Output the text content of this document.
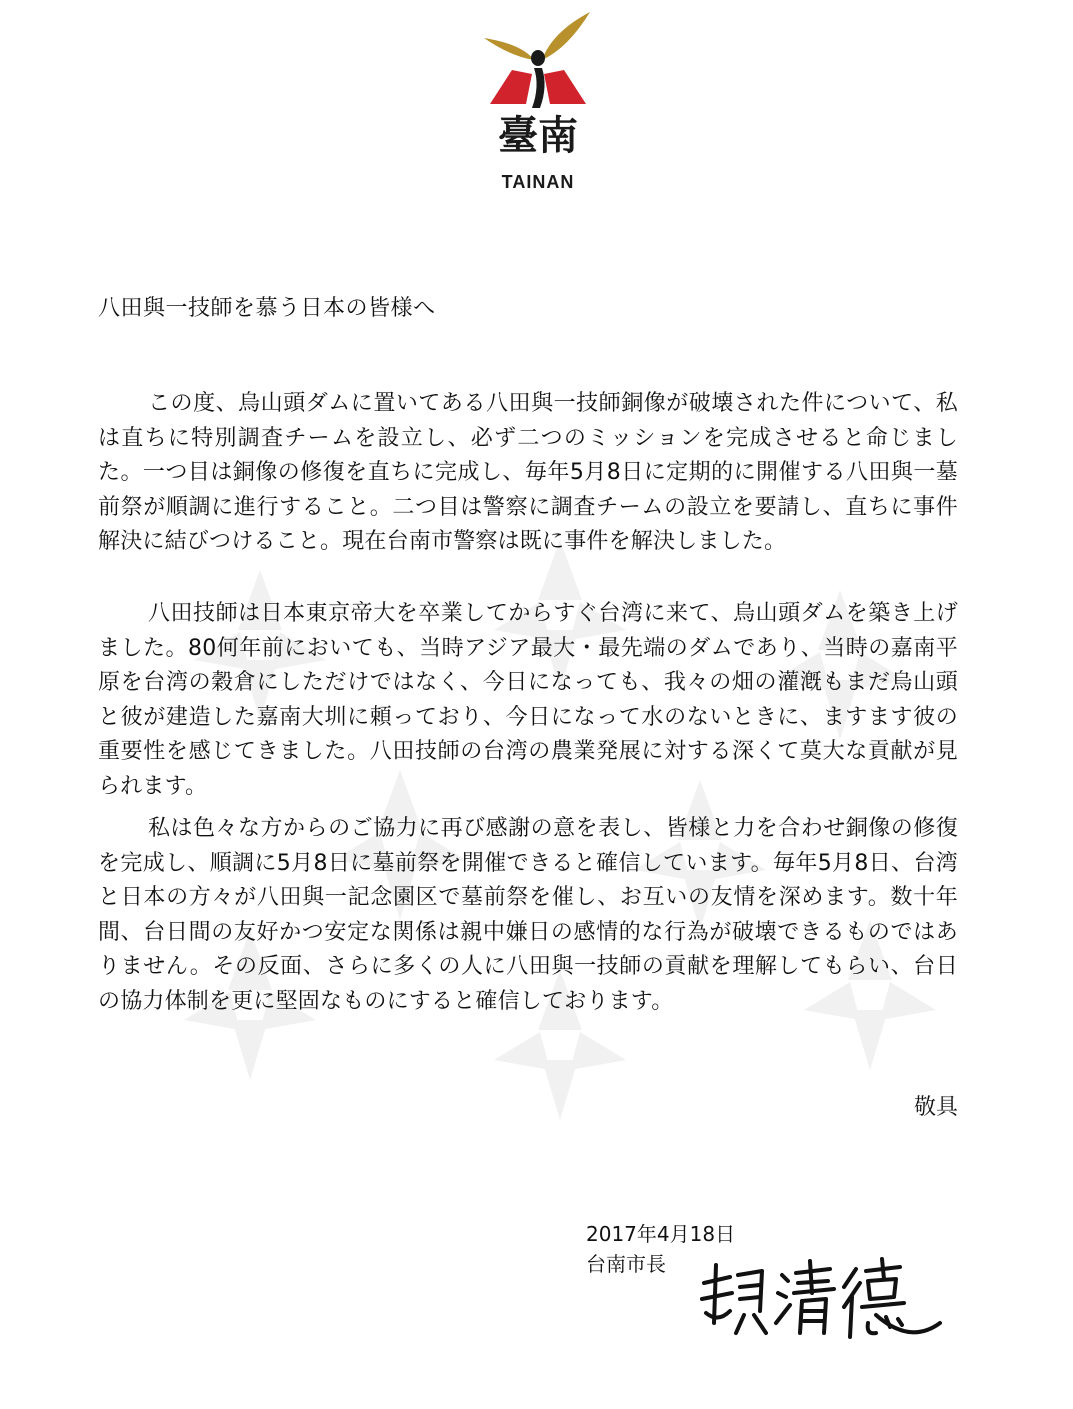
臺南
TAINAN
八田與一技師を慕う日本の皆様へ

この度、烏山頭ダムに置いてある八田與一技師銅像が破壊された件について、私は直ちに特別調査チームを設立し、必ず二つのミッションを完成させると命じました。一つ目は銅像の修復を直ちに完成し、毎年5月8日に定期的に開催する八田與一墓前祭が順調に進行すること。二つ目は警察に調査チームの設立を要請し、直ちに事件解決に結びつけること。現在台南市警察は既に事件を解決しました。

八田技師は日本東京帝大を卒業してからすぐ台湾に来て、烏山頭ダムを築き上げました。80何年前においても、当時アジア最大・最先端のダムであり、当時の嘉南平原を台湾の穀倉にしただけではなく、今日になっても、我々の畑の灌漑もまだ烏山頭と彼が建造した嘉南大圳に頼っており、今日になって水のないときに、ますます彼の重要性を感じてきました。八田技師の台湾の農業発展に対する深くて莫大な貢献が見られます。

私は色々な方からのご協力に再び感謝の意を表し、皆様と力を合わせ銅像の修復を完成し、順調に5月8日に墓前祭を開催できると確信しています。毎年5月8日、台湾と日本の方々が八田與一記念園区で墓前祭を催し、お互いの友情を深めます。数十年間、台日間の友好かつ安定な関係は親中嫌日の感情的な行為が破壊できるものではありません。その反面、さらに多くの人に八田與一技師の貢献を理解してもらい、台日の協力体制を更に堅固なものにすると確信しております。

敬具
2017年4月18日
台南市長
